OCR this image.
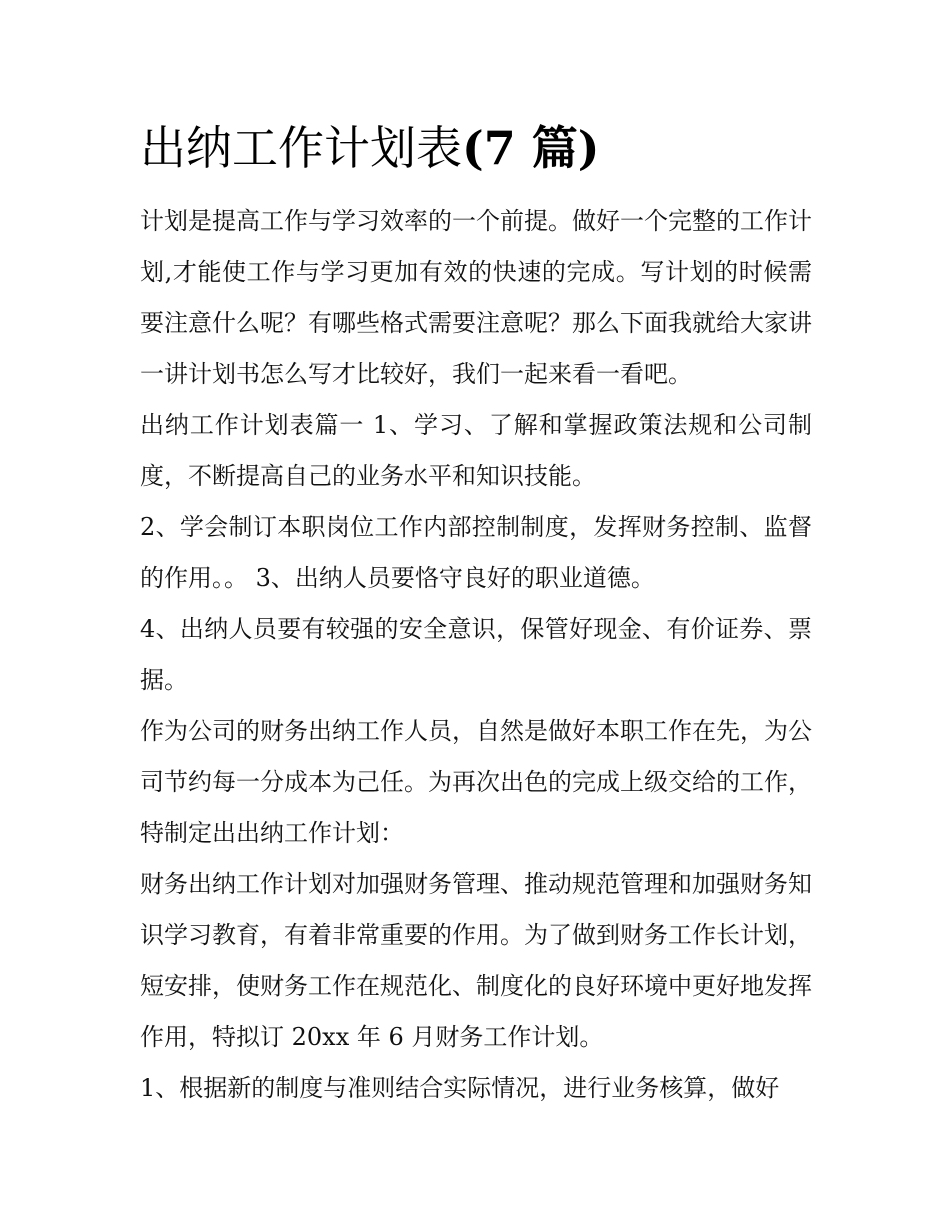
出纳工作计划表(7 篇)

计划是提高工作与学习效率的一个前提。做好一个完整的工作计划,才能使工作与学习更加有效的快速的完成。写计划的时候需要注意什么呢？有哪些格式需要注意呢？那么下面我就给大家讲一讲计划书怎么写才比较好，我们一起来看一看吧。

出纳工作计划表篇一 1、学习、了解和掌握政策法规和公司制度，不断提高自己的业务水平和知识技能。

2、学会制订本职岗位工作内部控制制度，发挥财务控制、监督的作用。。 3、出纳人员要恪守良好的职业道德。

4、出纳人员要有较强的安全意识，保管好现金、有价证券、票据。

作为公司的财务出纳工作人员，自然是做好本职工作在先，为公司节约每一分成本为己任。为再次出色的完成上级交给的工作，特制定出出纳工作计划：

财务出纳工作计划对加强财务管理、推动规范管理和加强财务知识学习教育，有着非常重要的作用。为了做到财务工作长计划，短安排，使财务工作在规范化、制度化的良好环境中更好地发挥作用，特拟订 20xx 年 6 月财务工作计划。

1、根据新的制度与准则结合实际情况，进行业务核算，做好
